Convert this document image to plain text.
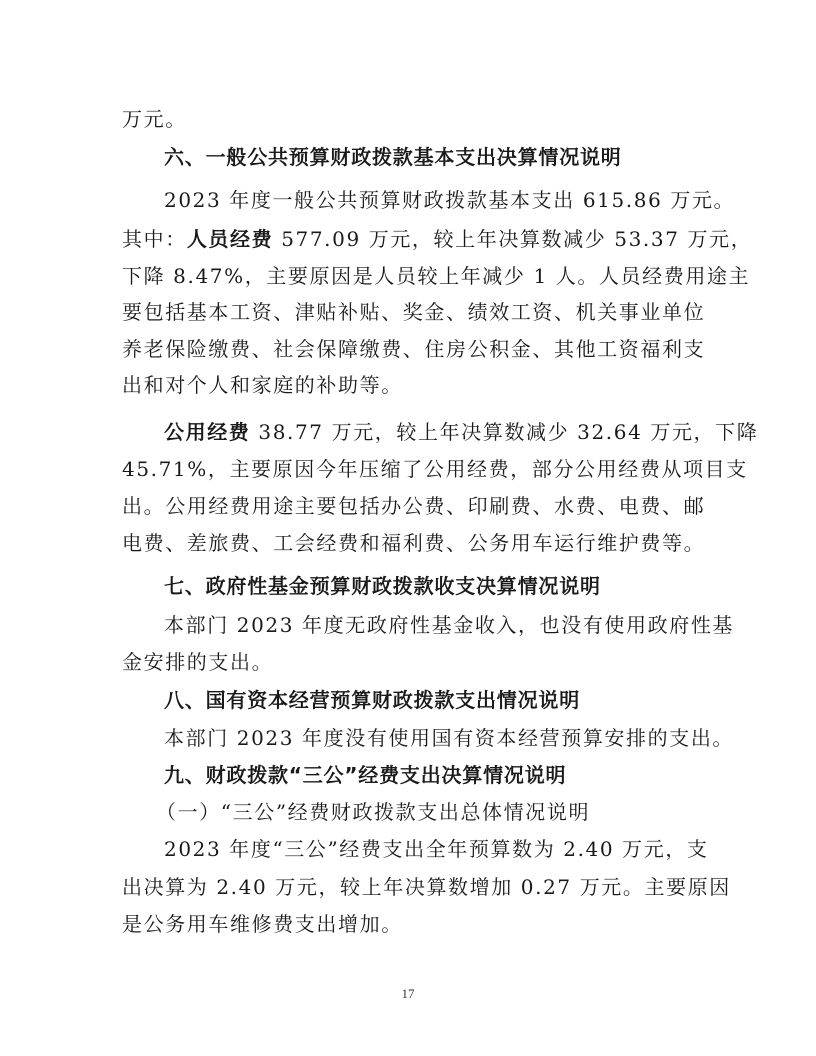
万元。
六、一般公共预算财政拨款基本支出决算情况说明
2023 年度一般公共预算财政拨款基本支出 615.86 万元。
其中：人员经费 577.09 万元，较上年决算数减少 53.37 万元，
下降 8.47%，主要原因是人员较上年减少 1 人。人员经费用途主
要包括基本工资、津贴补贴、奖金、绩效工资、机关事业单位
养老保险缴费、社会保障缴费、住房公积金、其他工资福利支
出和对个人和家庭的补助等。
公用经费 38.77 万元，较上年决算数减少 32.64 万元，下降
45.71%，主要原因今年压缩了公用经费，部分公用经费从项目支
出。公用经费用途主要包括办公费、印刷费、水费、电费、邮
电费、差旅费、工会经费和福利费、公务用车运行维护费等。
七、政府性基金预算财政拨款收支决算情况说明
本部门 2023 年度无政府性基金收入，也没有使用政府性基
金安排的支出。
八、国有资本经营预算财政拨款支出情况说明
本部门 2023 年度没有使用国有资本经营预算安排的支出。
九、财政拨款“三公”经费支出决算情况说明
（一）“三公”经费财政拨款支出总体情况说明
2023 年度“三公”经费支出全年预算数为 2.40 万元，支
出决算为 2.40 万元，较上年决算数增加 0.27 万元。主要原因
是公务用车维修费支出增加。
17
